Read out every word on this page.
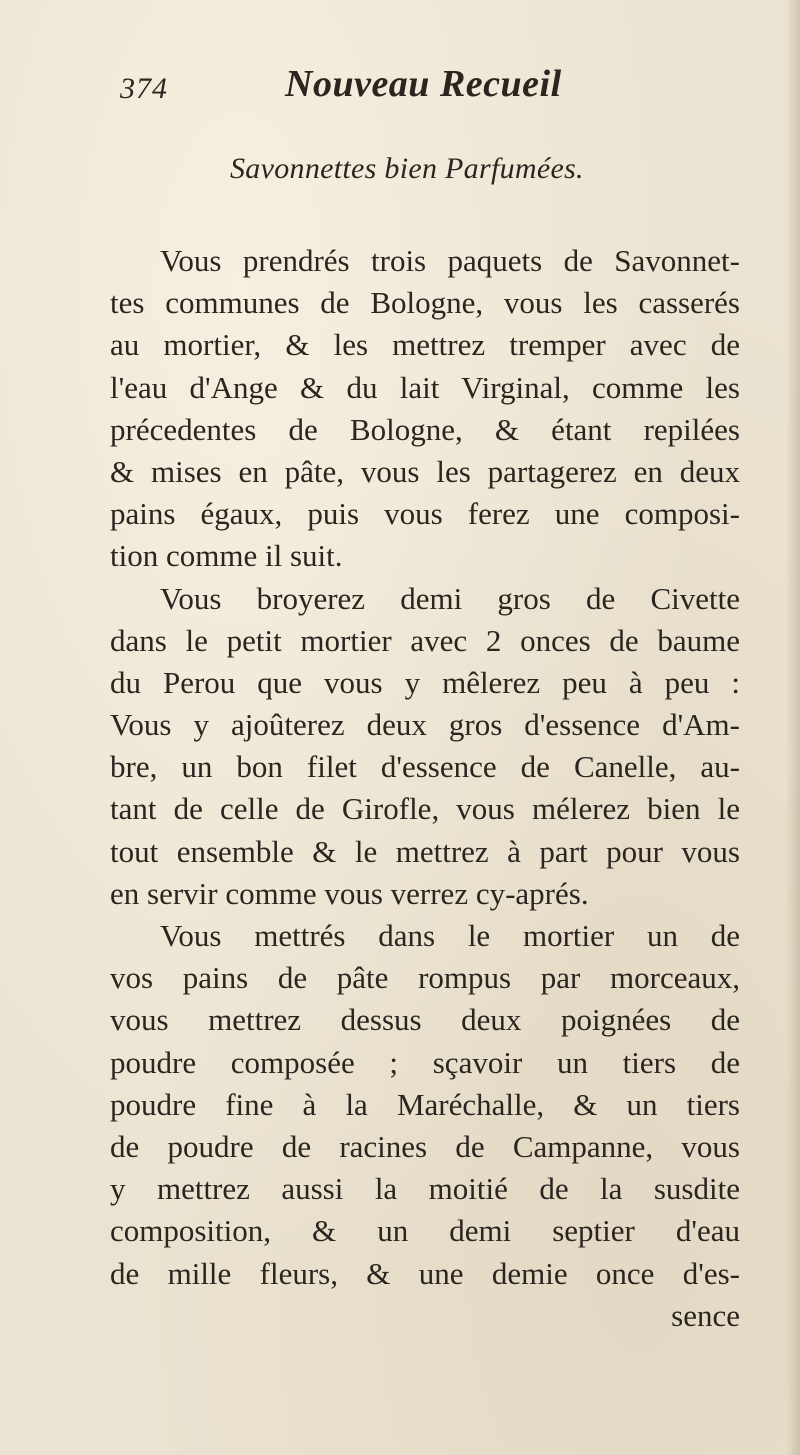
374	Nouveau Recueil
Savonnettes bien Parfumées.
Vous prendrés trois paquets de Savonnet-
tes communes de Bologne, vous les casserés
au mortier, & les mettrez tremper avec de
l'eau d'Ange & du lait Virginal, comme les
précedentes de Bologne, & étant repilées
& mises en pâte, vous les partagerez en deux
pains égaux, puis vous ferez une composi-
tion comme il suit.
Vous broyerez demi gros de Civette
dans le petit mortier avec 2 onces de baume
du Perou que vous y mêlerez peu à peu :
Vous y ajoûterez deux gros d'essence d'Am-
bre, un bon filet d'essence de Canelle, au-
tant de celle de Girofle, vous mélerez bien le
tout ensemble & le mettrez à part pour vous
en servir comme vous verrez cy-aprés.
Vous mettrés dans le mortier un de
vos pains de pâte rompus par morceaux,
vous mettrez dessus deux poignées de
poudre composée ; sçavoir un tiers de
poudre fine à la Maréchalle, & un tiers
de poudre de racines de Campanne, vous
y mettrez aussi la moitié de la susdite
composition, & un demi septier d'eau
de mille fleurs, & une demie once d'es-
sence
